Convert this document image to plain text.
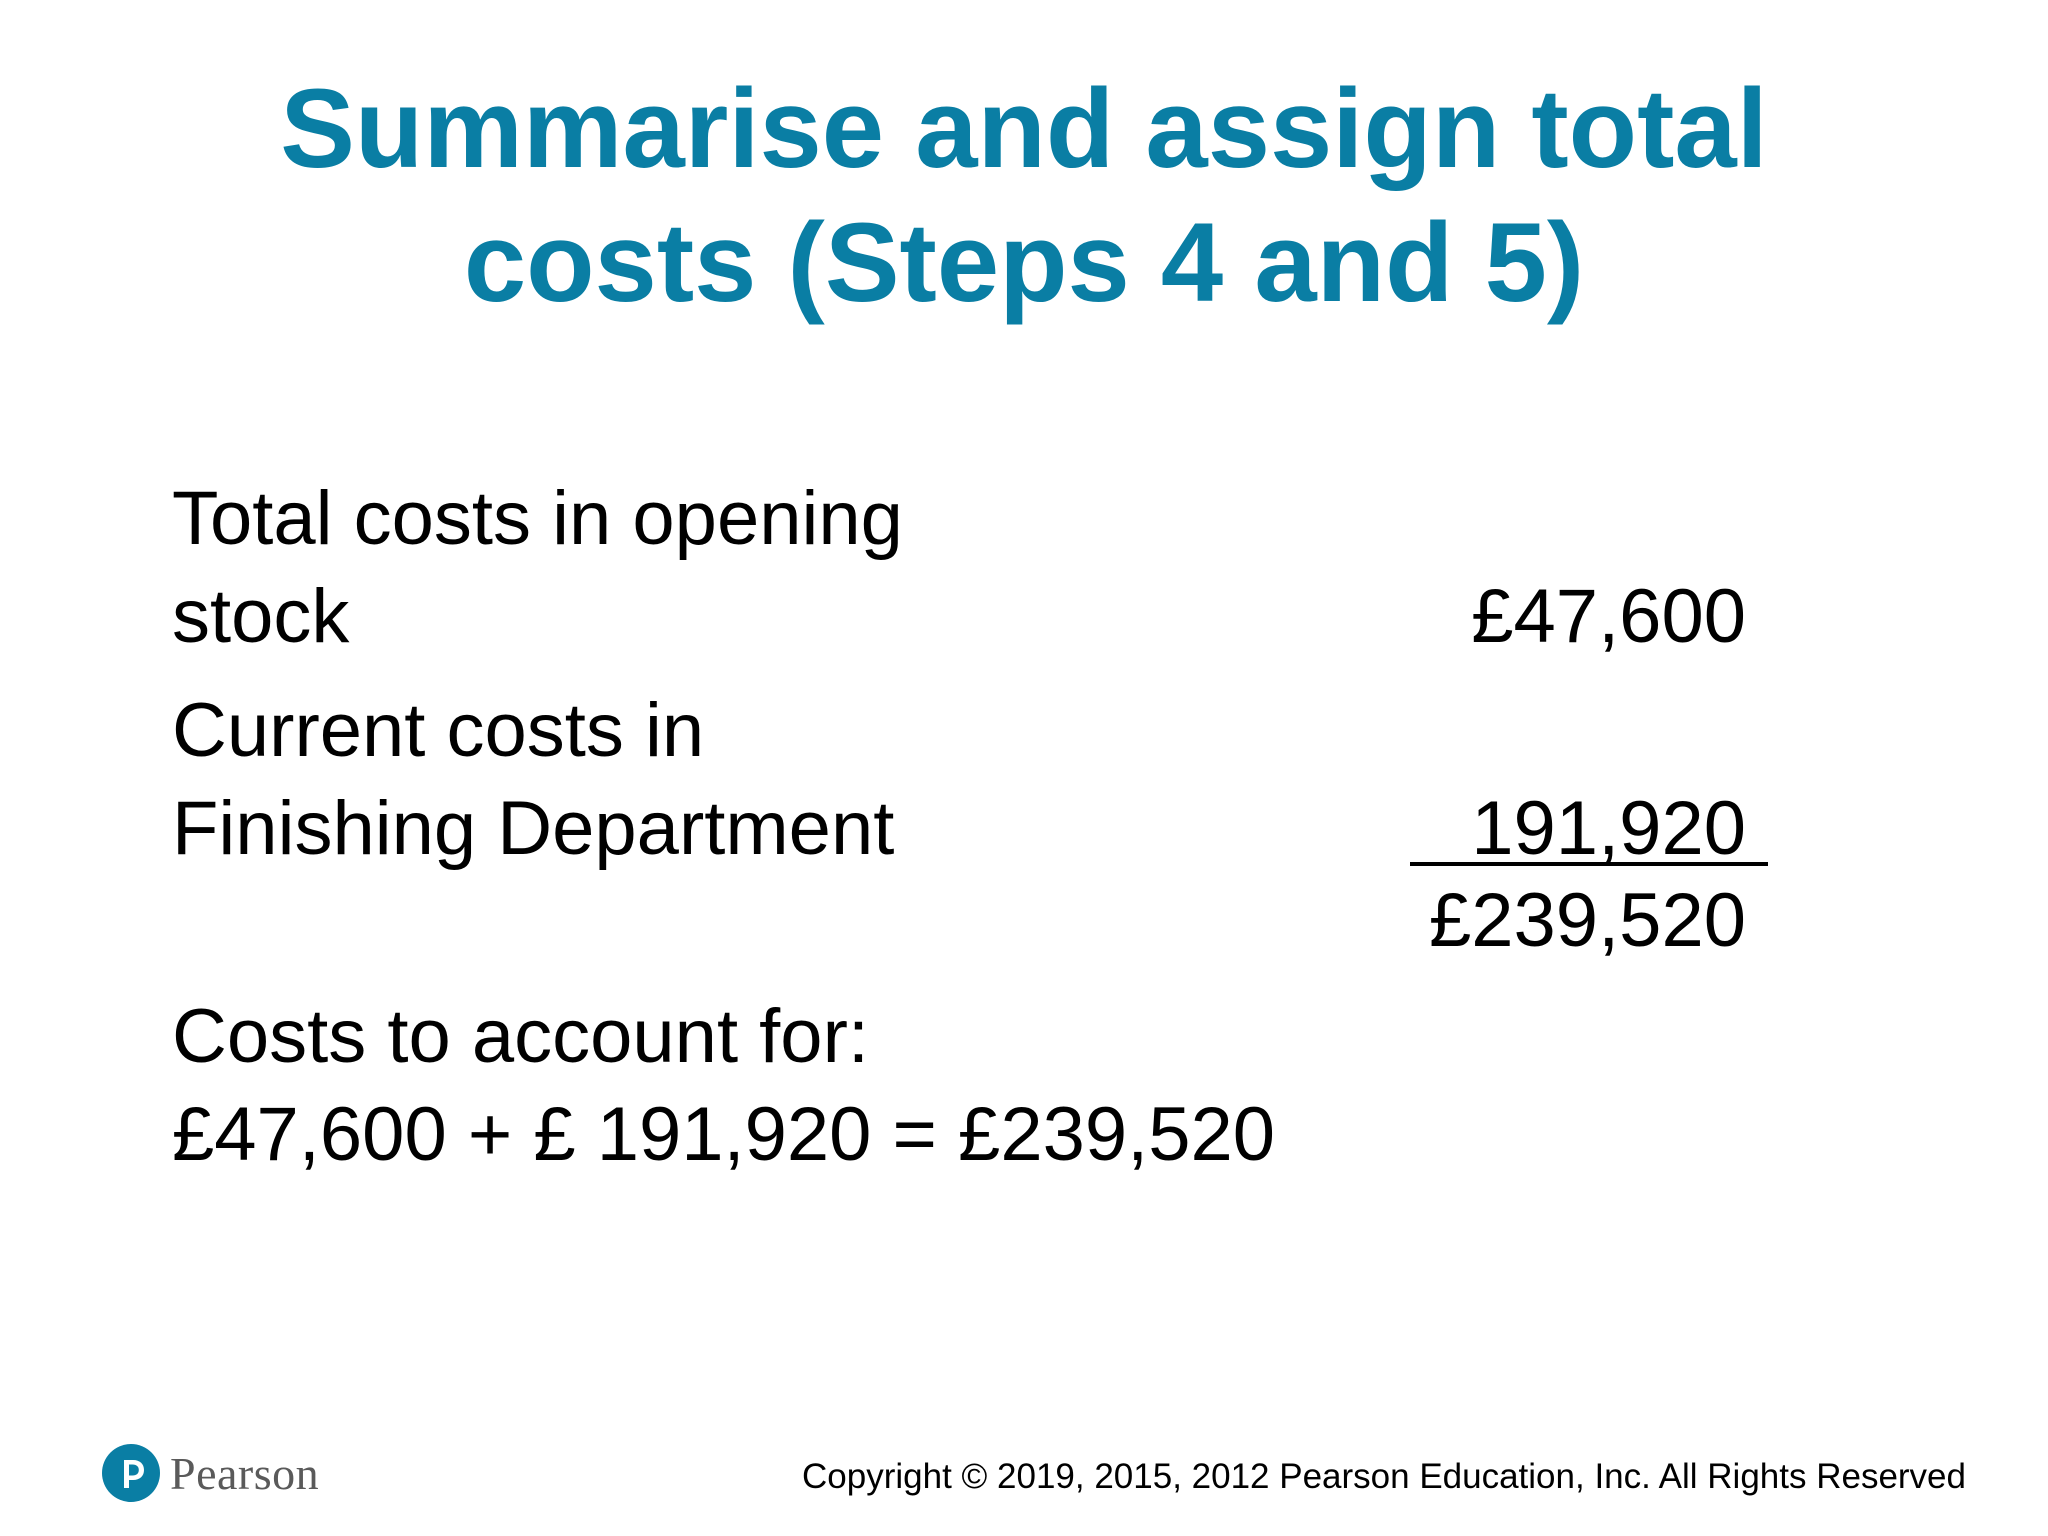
Summarise and assign total
costs (Steps 4 and 5)
Total costs in opening
stock	£47,600
Current costs in
Finishing Department	191,920
£239,520
Costs to account for:
£47,600 + £ 191,920 = £239,520
Pearson	Copyright © 2019, 2015, 2012 Pearson Education, Inc. All Rights Reserved
